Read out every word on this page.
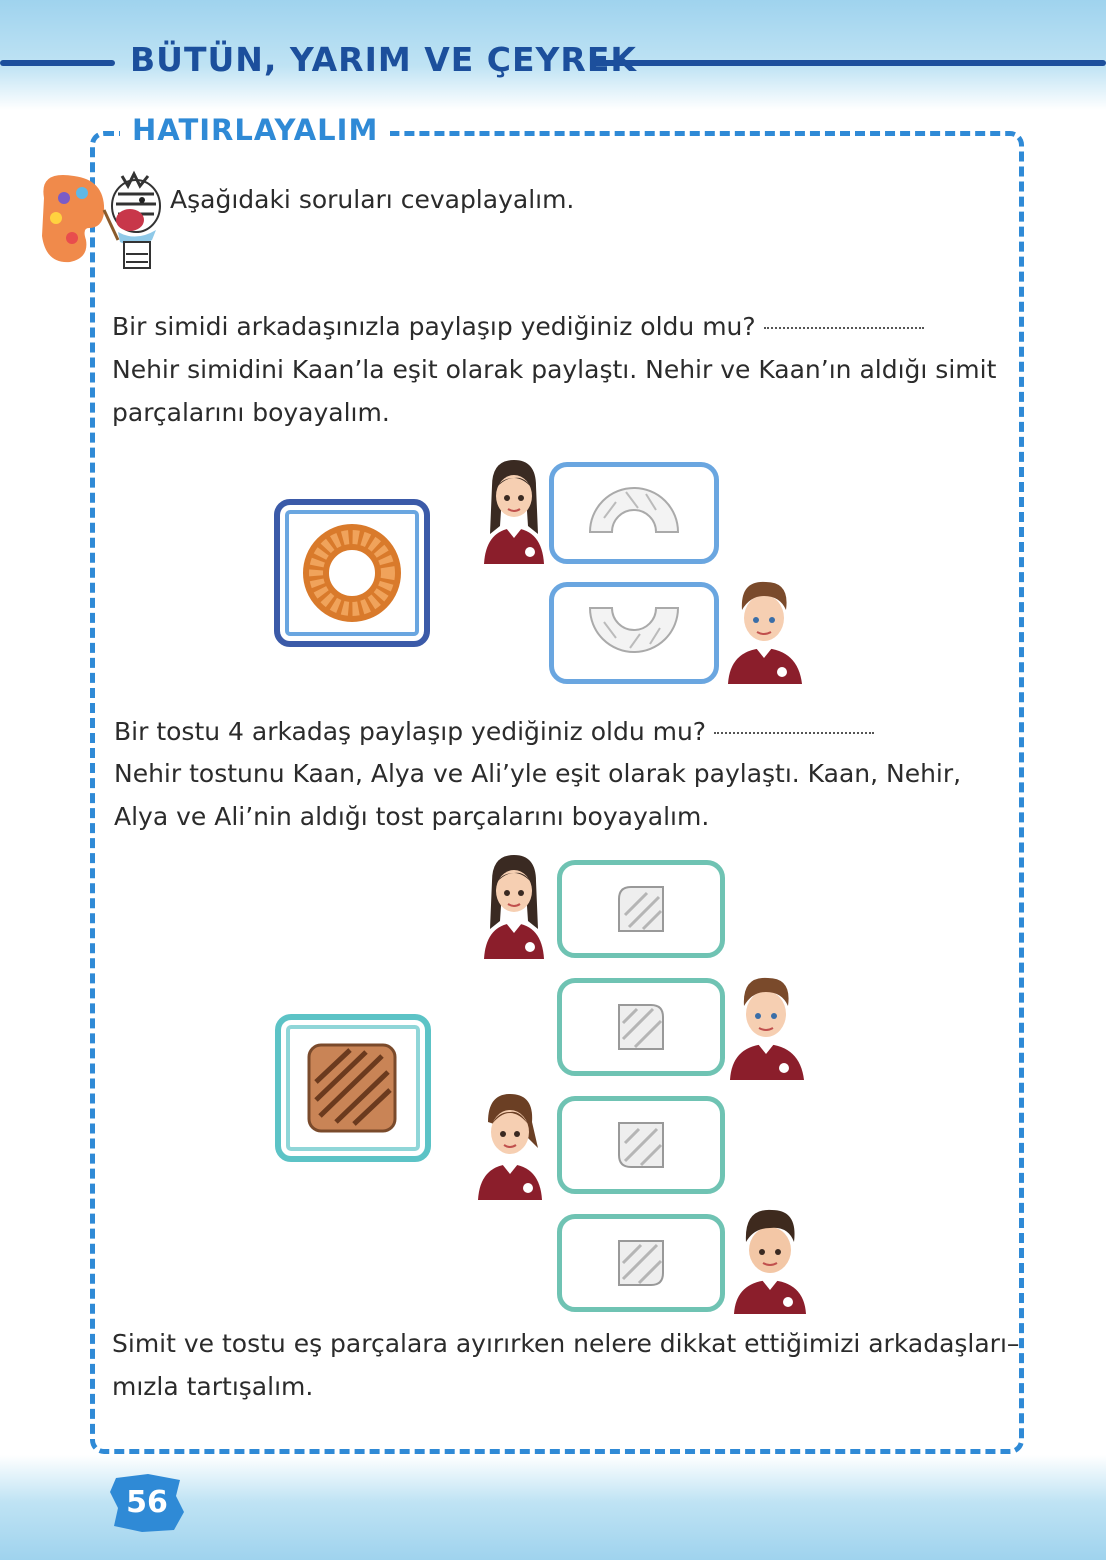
BÜTÜN, YARIM VE ÇEYREK
HATIRLAYALIM
Aşağıdaki soruları cevaplayalım.
Bir simidi arkadaşınızla paylaşıp yediğiniz oldu mu?
Nehir simidini Kaan’la eşit olarak paylaştı. Nehir ve Kaan’ın aldığı simit
parçalarını boyayalım.
Bir tostu 4 arkadaş paylaşıp yediğiniz oldu mu?
Nehir tostunu Kaan, Alya ve Ali’yle eşit olarak paylaştı. Kaan, Nehir,
Alya ve Ali’nin aldığı tost parçalarını boyayalım.
Simit ve tostu eş parçalara ayırırken nelere dikkat ettiğimizi arkadaşları–
mızla tartışalım.
56
